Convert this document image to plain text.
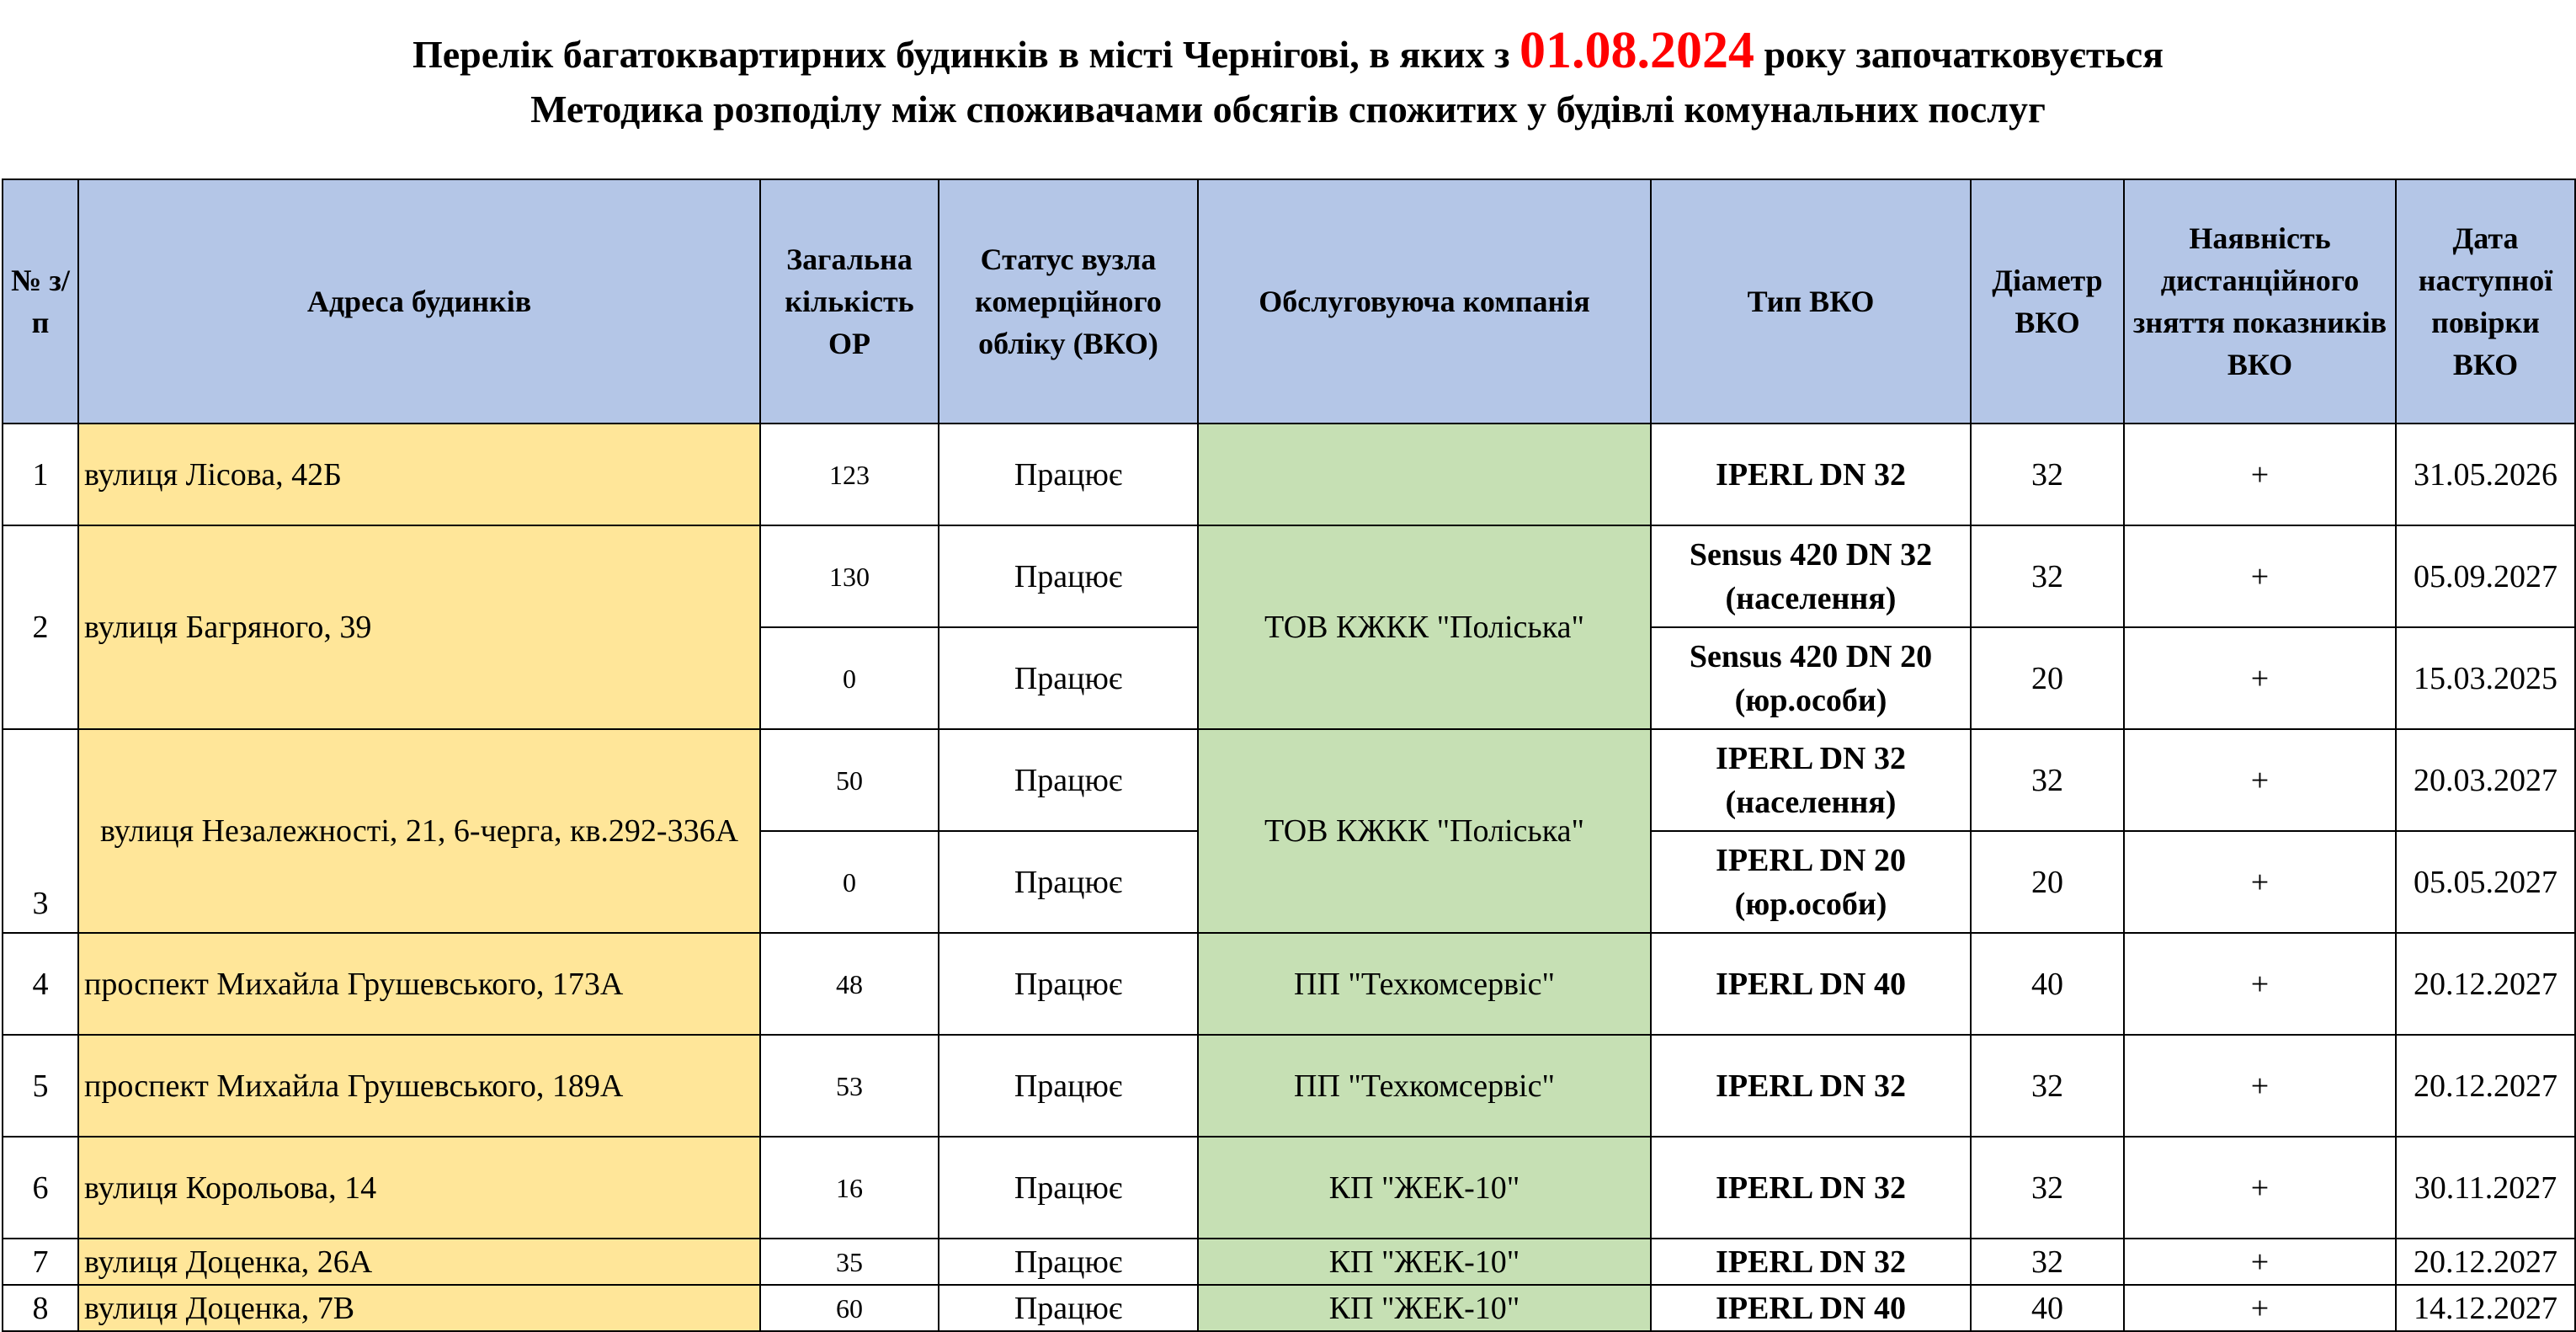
Перелік багатоквартирних будинків в місті Чернігові, в яких з 01.08.2024 року започатковується
Методика розподілу між споживачами обсягів спожитих у будівлі комунальних послуг
№ з/п	Адреса будинків	Загальна кількість ОР	Статус вузла комерційного обліку (ВКО)	Обслуговуюча компанія	Тип ВКО	Діаметр ВКО	Наявність дистанційного зняття показників ВКО	Дата наступної повірки ВКО
1	вулиця Лісова, 42Б	123	Працює		IPERL DN 32	32	+	31.05.2026
2	вулиця Багряного, 39	130	Працює	ТОВ КЖКК "Поліська"	Sensus 420 DN 32 (населення)	32	+	05.09.2027
		0	Працює		Sensus 420 DN 20 (юр.особи)	20	+	15.03.2025
3	вулиця Незалежності, 21, 6-черга, кв.292-336А	50	Працює	ТОВ КЖКК "Поліська"	IPERL DN 32 (населення)	32	+	20.03.2027
		0	Працює		IPERL DN 20 (юр.особи)	20	+	05.05.2027
4	проспект Михайла Грушевського, 173А	48	Працює	ПП "Техкомсервіс"	IPERL DN 40	40	+	20.12.2027
5	проспект Михайла Грушевського, 189А	53	Працює	ПП "Техкомсервіс"	IPERL DN 32	32	+	20.12.2027
6	вулиця Корольова, 14	16	Працює	КП "ЖЕК-10"	IPERL DN 32	32	+	30.11.2027
7	вулиця Доценка, 26А	35	Працює	КП "ЖЕК-10"	IPERL DN 32	32	+	20.12.2027
8	вулиця Доценка, 7В	60	Працює	КП "ЖЕК-10"	IPERL DN 40	40	+	14.12.2027
